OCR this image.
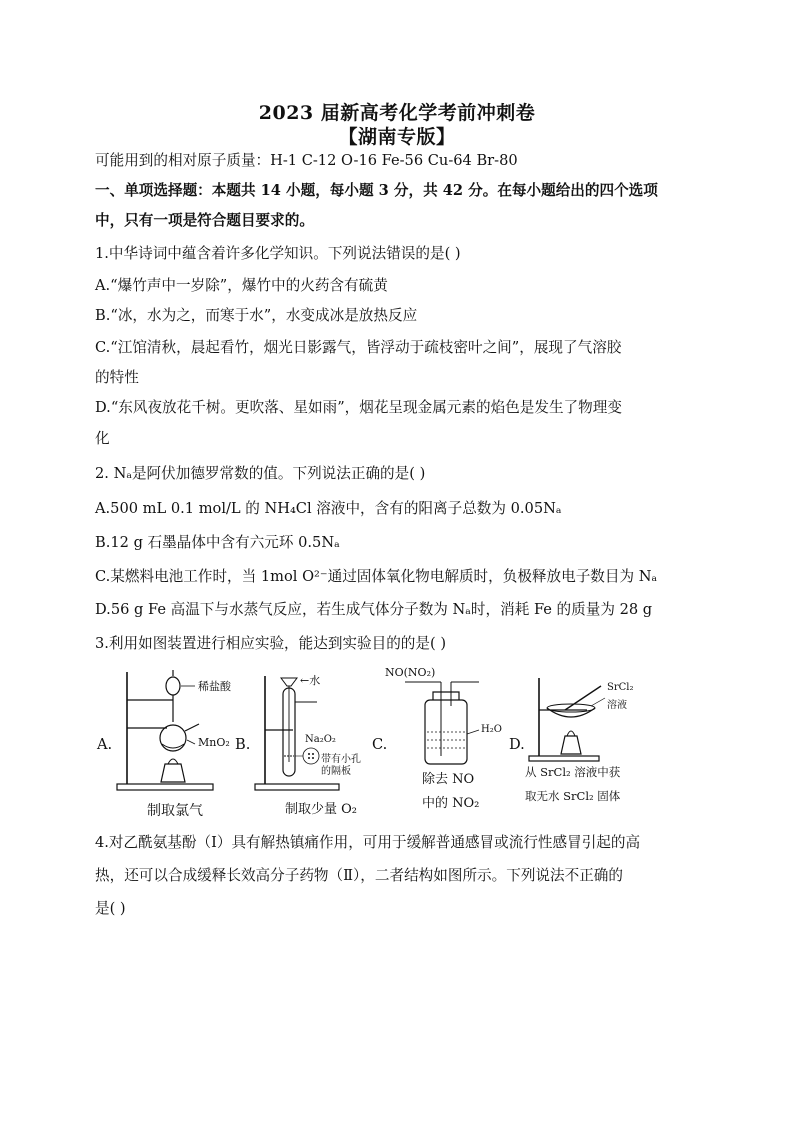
2023 届新高考化学考前冲刺卷
【湖南专版】
可能用到的相对原子质量：H-1 C-12 O-16 Fe-56 Cu-64 Br-80
一、单项选择题：本题共 14 小题，每小题 3 分，共 42 分。在每小题给出的四个选项
中，只有一项是符合题目要求的。
1.中华诗词中蕴含着许多化学知识。下列说法错误的是( )
A.“爆竹声中一岁除”，爆竹中的火药含有硫黄
B.“冰，水为之，而寒于水”，水变成冰是放热反应
C.“江馆清秋，晨起看竹，烟光日影露气，皆浮动于疏枝密叶之间”，展现了气溶胶
的特性
D.“东风夜放花千树。更吹落、星如雨”，烟花呈现金属元素的焰色是发生了物理变
化
2. Nₐ是阿伏加德罗常数的值。下列说法正确的是( )
A.500 mL 0.1 mol/L 的 NH₄Cl 溶液中，含有的阳离子总数为 0.05Nₐ
B.12 g 石墨晶体中含有六元环 0.5Nₐ
C.某燃料电池工作时，当 1mol O²⁻通过固体氧化物电解质时，负极释放电子数目为 Nₐ
D.56 g Fe 高温下与水蒸气反应，若生成气体分子数为 Nₐ时，消耗 Fe 的质量为 28 g
3.利用如图装置进行相应实验，能达到实验目的的是( )
A.
稀盐酸
MnO₂
制取氯气
B.
←水
Na₂O₂
带有小孔
的隔板
制取少量 O₂
C.
NO(NO₂)
H₂O
除去 NO
中的 NO₂
D.
SrCl₂
溶液
从 SrCl₂ 溶液中获
取无水 SrCl₂ 固体
4.对乙酰氨基酚（I）具有解热镇痛作用，可用于缓解普通感冒或流行性感冒引起的高
热，还可以合成缓释长效高分子药物（Ⅱ），二者结构如图所示。下列说法不正确的
是( )
